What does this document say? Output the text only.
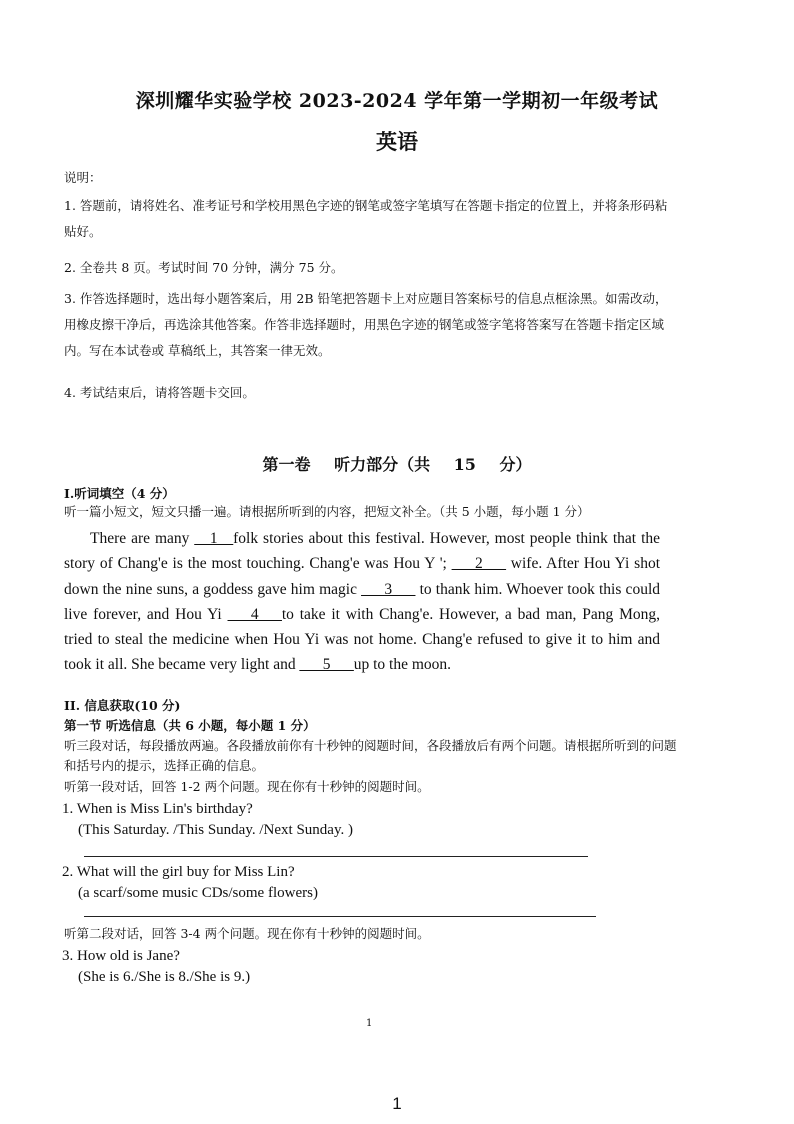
深圳耀华实验学校 2023-2024 学年第一学期初一年级考试
英语
说明：
1. 答题前，请将姓名、准考证号和学校用黑色字迹的钢笔或签字笔填写在答题卡指定的位置上，并将条形码粘贴好。
2. 全卷共 8 页。考试时间 70 分钟，满分 75 分。
3. 作答选择题时，选出每小题答案后，用 2B 铅笔把答题卡上对应题目答案标号的信息点框涂黑。如需改动，用橡皮擦干净后，再选涂其他答案。作答非选择题时，用黑色字迹的钢笔或签字笔将答案写在答题卡指定区域内。写在本试卷或 草稿纸上，其答案一律无效。
4. 考试结束后，请将答题卡交回。
第一卷 听力部分（共 15 分）
I.听词填空（4 分）
听一篇小短文，短文只播一遍。请根据所听到的内容，把短文补全。（共 5 小题，每小题 1 分）
There are many __1__folk stories about this festival. However, most people think that the story of Chang'e is the most touching. Chang'e was Hou Y '; ___2___ wife. After Hou Yi shot down the nine suns, a goddess gave him magic ___3___ to thank him. Whoever took this could live forever, and Hou Yi ___4___to take it with Chang'e. However, a bad man, Pang Mong, tried to steal the medicine when Hou Yi was not home. Chang'e refused to give it to him and took it all. She became very light and ___5___up to the moon.
II. 信息获取(10 分)
第一节 听选信息（共 6 小题，每小题 1 分）
听三段对话，每段播放两遍。各段播放前你有十秒钟的阅题时间，各段播放后有两个问题。请根据所听到的问题和括号内的提示，选择正确的信息。
听第一段对话，回答 1-2 两个问题。现在你有十秒钟的阅题时间。
1. When is Miss Lin's birthday?
(This Saturday. /This Sunday. /Next Sunday. )
2. What will the girl buy for Miss Lin?
(a scarf/some music CDs/some flowers)
听第二段对话，回答 3-4 两个问题。现在你有十秒钟的阅题时间。
3. How old is Jane?
(She is 6./She is 8./She is 9.)
1
1
